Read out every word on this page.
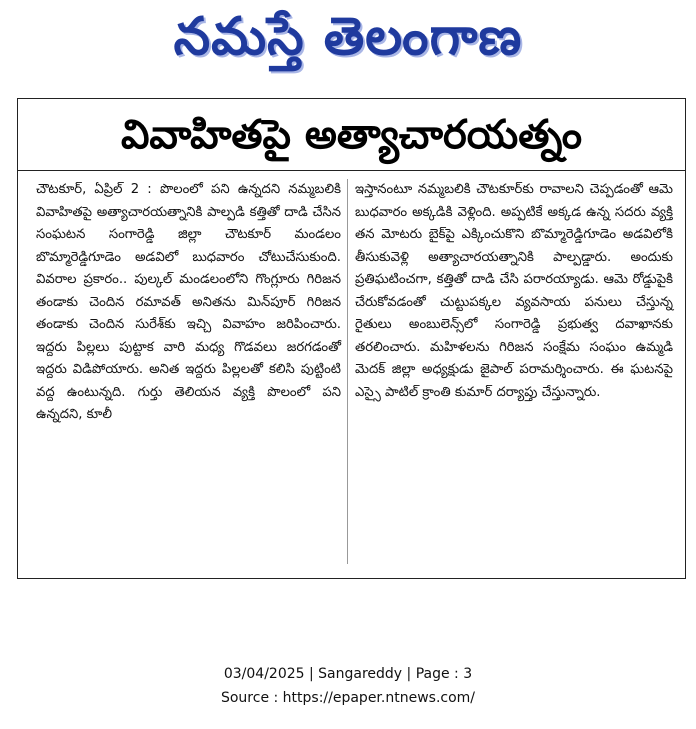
నమస్తే తెలంగాణ
వివాహితపై అత్యాచారయత్నం
చౌటకూర్, ఏప్రిల్ 2 : పొలంలో పని ఉన్నదని నమ్మబలికి వివాహితపై అత్యాచారయత్నానికి పాల్పడి కత్తితో దాడి చేసిన సంఘటన సంగారెడ్డి జిల్లా చౌటకూర్ మండలం బొమ్మారెడ్డిగూడెం అడవిలో బుధవారం చోటుచేసుకుంది. వివరాల ప్రకారం.. పుల్కల్ మండలంలోని గొంగ్లూరు గిరిజన తండాకు చెందిన రమావత్ అనితను మిన్‌పూర్ గిరిజన తండాకు చెందిన సురేశ్‌కు ఇచ్చి వివాహం జరిపించారు. ఇద్దరు పిల్లలు పుట్టాక వారి మధ్య గొడవలు జరగడంతో ఇద్దరు విడిపోయారు. అనిత ఇద్దరు పిల్లలతో కలిసి పుట్టింటి వద్ద ఉంటున్నది. గుర్తు తెలియన వ్యక్తి పొలంలో పని ఉన్నదని, కూలీ
ఇస్తానంటూ నమ్మబలికి చౌటకూర్‌కు రావాలని చెప్పడంతో ఆమె బుధవారం అక్కడికి వెళ్లింది. అప్పటికే అక్కడ ఉన్న సదరు వ్యక్తి తన మోటరు బైక్‌పై ఎక్కించుకొని బొమ్మారెడ్డిగూడెం అడవిలోకి తీసుకువెళ్లి అత్యాచారయత్నానికి పాల్పడ్డారు. అందుకు ప్రతిఘటించగా, కత్తితో దాడి చేసి పరారయ్యాడు. ఆమె రోడ్డుపైకి చేరుకోవడంతో చుట్టుపక్కల వ్యవసాయ పనులు చేస్తున్న రైతులు అంబులెన్స్‌లో సంగారెడ్డి ప్రభుత్వ దవాఖానకు తరలించారు. మహిళలను గిరిజన సంక్షేమ సంఘం ఉమ్మడి మెదక్ జిల్లా అధ్యక్షుడు జైపాల్ పరామర్శించారు. ఈ ఘటనపై ఎస్సై పాటిల్ క్రాంతి కుమార్ దర్యాప్తు చేస్తున్నారు.
03/04/2025 | Sangareddy | Page : 3
Source : https://epaper.ntnews.com/
